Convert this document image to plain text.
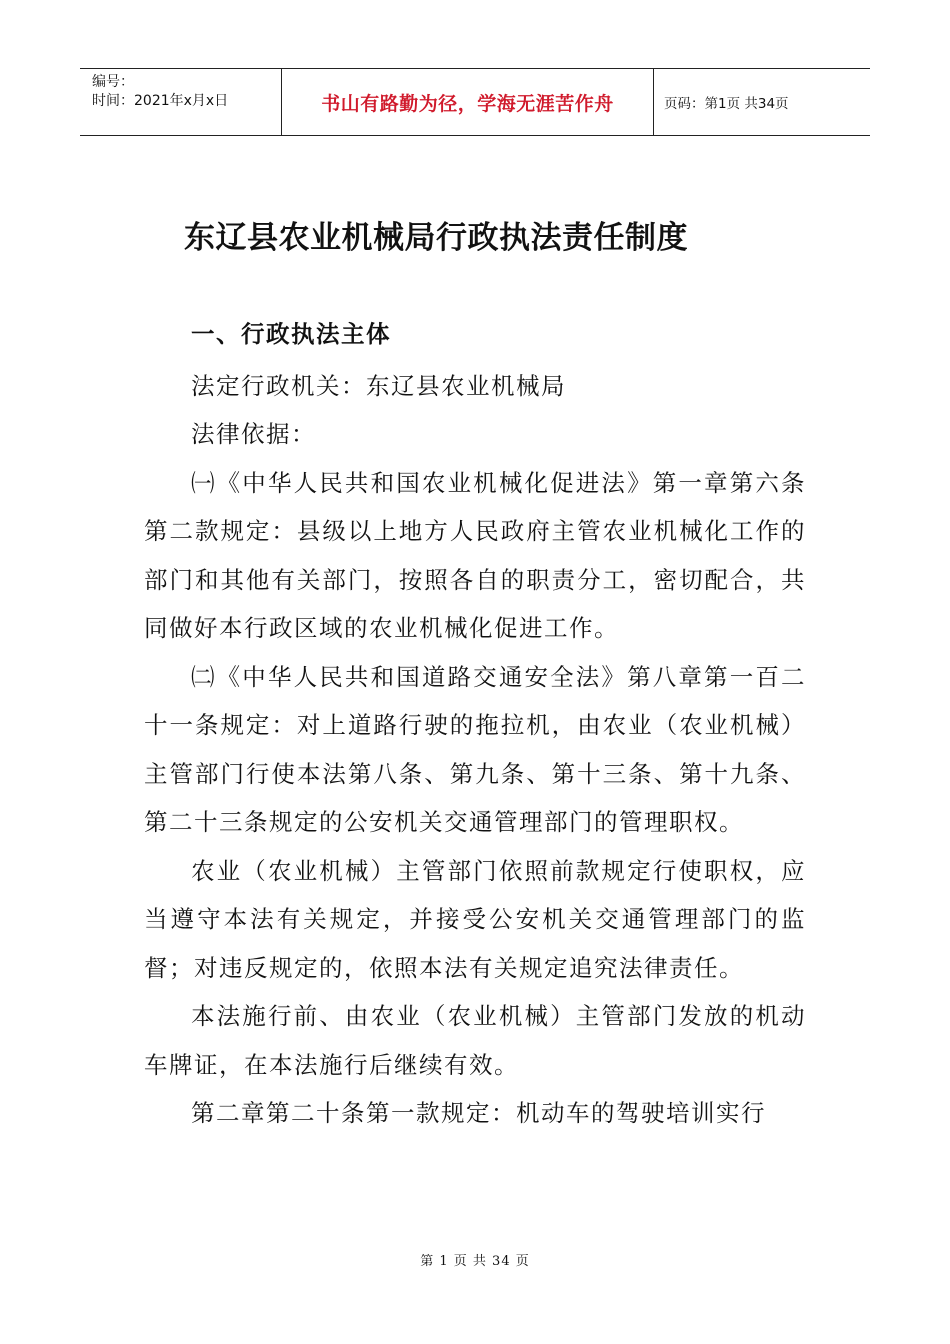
编号：
时间：2021年x月x日	书山有路勤为径，学海无涯苦作舟	页码：第1页 共34页
东辽县农业机械局行政执法责任制度

一、行政执法主体

法定行政机关：东辽县农业机械局

法律依据：

㈠《中华人民共和国农业机械化促进法》第一章第六条第二款规定：县级以上地方人民政府主管农业机械化工作的部门和其他有关部门，按照各自的职责分工，密切配合，共同做好本行政区域的农业机械化促进工作。

㈡《中华人民共和国道路交通安全法》第八章第一百二十一条规定：对上道路行驶的拖拉机，由农业（农业机械）主管部门行使本法第八条、第九条、第十三条、第十九条、第二十三条规定的公安机关交通管理部门的管理职权。

农业（农业机械）主管部门依照前款规定行使职权，应当遵守本法有关规定，并接受公安机关交通管理部门的监督；对违反规定的，依照本法有关规定追究法律责任。

本法施行前、由农业（农业机械）主管部门发放的机动车牌证，在本法施行后继续有效。

第二章第二十条第一款规定：机动车的驾驶培训实行

第 1 页 共 34 页
